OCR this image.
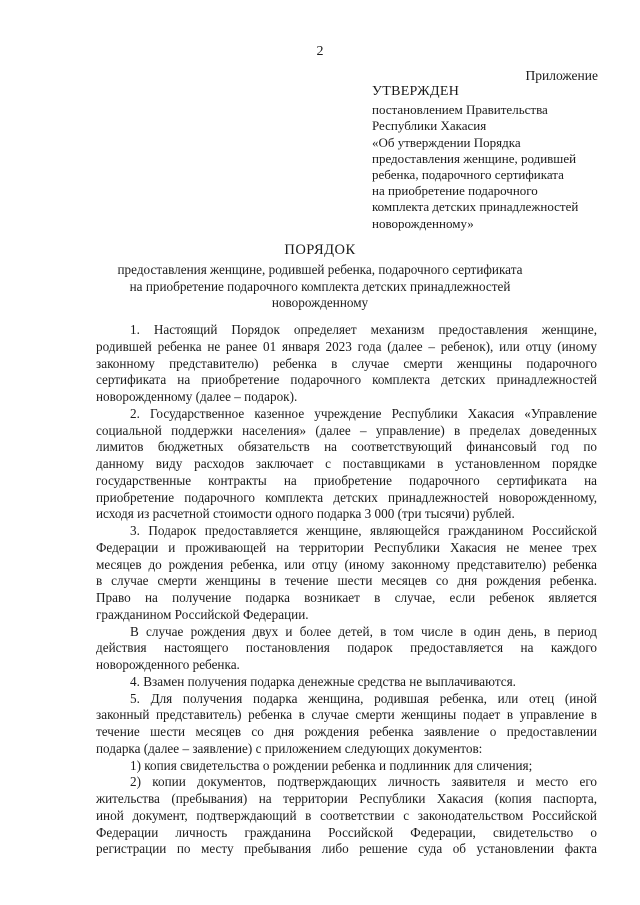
2
Приложение
УТВЕРЖДЕН
постановлением Правительства
Республики Хакасия
«Об утверждении Порядка
предоставления женщине, родившей
ребенка, подарочного сертификата
на приобретение подарочного
комплекта детских принадлежностей
новорожденному»
ПОРЯДОК
предоставления женщине, родившей ребенка, подарочного сертификата
на приобретение подарочного комплекта детских принадлежностей
новорожденному

1. Настоящий Порядок определяет механизм предоставления женщине,

родившей ребенка не ранее 01 января 2023 года (далее – ребенок), или отцу (иному

законному представителю) ребенка в случае смерти женщины подарочного

сертификата на приобретение подарочного комплекта детских принадлежностей

новорожденному (далее – подарок).

2. Государственное казенное учреждение Республики Хакасия «Управление

социальной поддержки населения» (далее – управление) в пределах доведенных

лимитов бюджетных обязательств на соответствующий финансовый год по

данному виду расходов заключает с поставщиками в установленном порядке

государственные контракты на приобретение подарочного сертификата на

приобретение подарочного комплекта детских принадлежностей новорожденному,

исходя из расчетной стоимости одного подарка 3 000 (три тысячи) рублей.

3. Подарок предоставляется женщине, являющейся гражданином Российской

Федерации и проживающей на территории Республики Хакасия не менее трех

месяцев до рождения ребенка, или отцу (иному законному представителю) ребенка

в случае смерти женщины в течение шести месяцев со дня рождения ребенка.

Право на получение подарка возникает в случае, если ребенок является

гражданином Российской Федерации.

В случае рождения двух и более детей, в том числе в один день, в период

действия настоящего постановления подарок предоставляется на каждого

новорожденного ребенка.

4. Взамен получения подарка денежные средства не выплачиваются.

5. Для получения подарка женщина, родившая ребенка, или отец (иной

законный представитель) ребенка в случае смерти женщины подает в управление в

течение шести месяцев со дня рождения ребенка заявление о предоставлении

подарка (далее – заявление) с приложением следующих документов:

1) копия свидетельства о рождении ребенка и подлинник для сличения;

2) копии документов, подтверждающих личность заявителя и место его

жительства (пребывания) на территории Республики Хакасия (копия паспорта,

иной документ, подтверждающий в соответствии с законодательством Российской

Федерации личность гражданина Российской Федерации, свидетельство о

регистрации по месту пребывания либо решение суда об установлении факта
